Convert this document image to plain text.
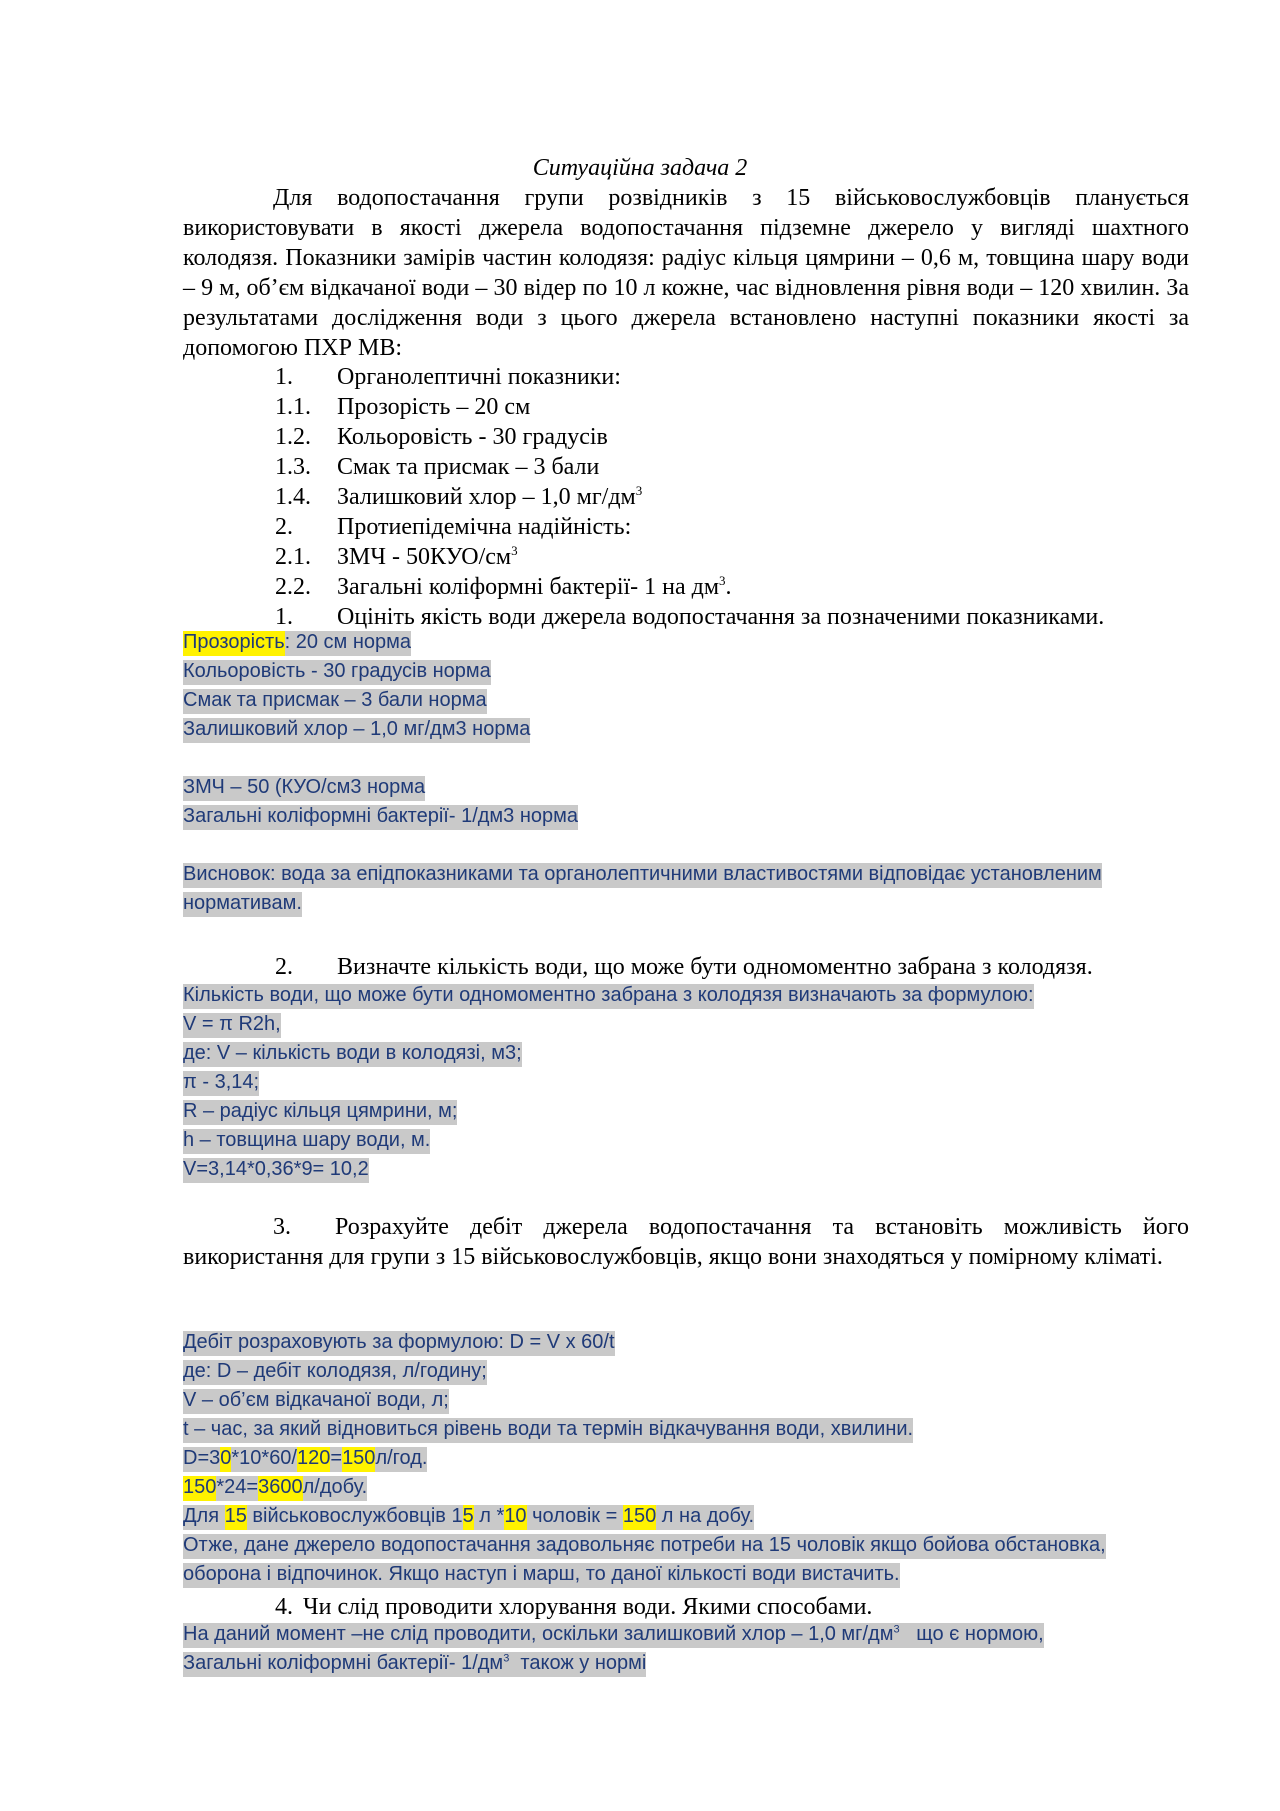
Ситуаційна задача 2
Для водопостачання групи розвідників з 15 військовослужбовців планується використовувати в якості джерела водопостачання підземне джерело у вигляді шахтного колодязя. Показники замірів частин колодязя: радіус кільця цямрини – 0,6 м, товщина шару води – 9 м, об’єм відкачаної води – 30 відер по 10 л кожне, час відновлення рівня води – 120 хвилин. За результатами дослідження води з цього джерела встановлено наступні показники якості за допомогою ПХР МВ:
1. Органолептичні показники:
1.1. Прозорість – 20 см
1.2. Кольоровість - 30 градусів
1.3. Смак та присмак – 3 бали
1.4. Залишковий хлор – 1,0 $мг/дм^3$
2. Протиепідемічна надійність:
2.1. ЗМЧ - $50КУО/см^3$
2.2. Загальні коліформні бактерії- 1 на $дм^3$.
1. Оцініть якість води джерела водопостачання за позначеними показниками.
Прозорість: 20 см норма
Кольоровість - 30 градусів норма
Смак та присмак – 3 бали норма
Залишковий хлор – 1,0 мг/дм3 норма
ЗМЧ – 50 (КУО/см3 норма
Загальні коліформні бактерії- 1/дм3 норма
Висновок: вода за епідпоказниками та органолептичними властивостями відповідає установленим
нормативам.
2. Визначте кількість води, що може бути одномоментно забрана з колодязя.
Кількість води, що може бути одномоментно забрана з колодязя визначають за формулою:
V = π R2h,
де: V – кількість води в колодязі, м3;
π - 3,14;
R – радіус кільця цямрини, м;
h – товщина шару води, м.
V=3,14*0,36*9= 10,2
3. Розрахуйте дебіт джерела водопостачання та встановіть можливість його використання для групи з 15 військовослужбовців, якщо вони знаходяться у помірному кліматі.
Дебіт розраховують за формулою: D = V x 60/t
де: D – дебіт колодязя, л/годину;
V – об’єм відкачаної води, л;
t – час, за який відновиться рівень води та термін відкачування води, хвилини.
D=30*10*60/120=150л/год.
150*24=3600л/добу.
Для 15 військовослужбовців 15 л *10 чоловік = 150 л на добу.
Отже, дане джерело водопостачання задовольняє потреби на 15 чоловік якщо бойова обстановка,
оборона і відпочинок. Якщо наступ і марш, то даної кількості води вистачить.
4. Чи слід проводити хлорування води. Якими способами.
На даний момент –не слід проводити, оскільки залишковий хлор – 1,0 $мг/дм^3$   що є нормою,
Загальні коліформні бактерії- $1/дм^3$  також у нормі
